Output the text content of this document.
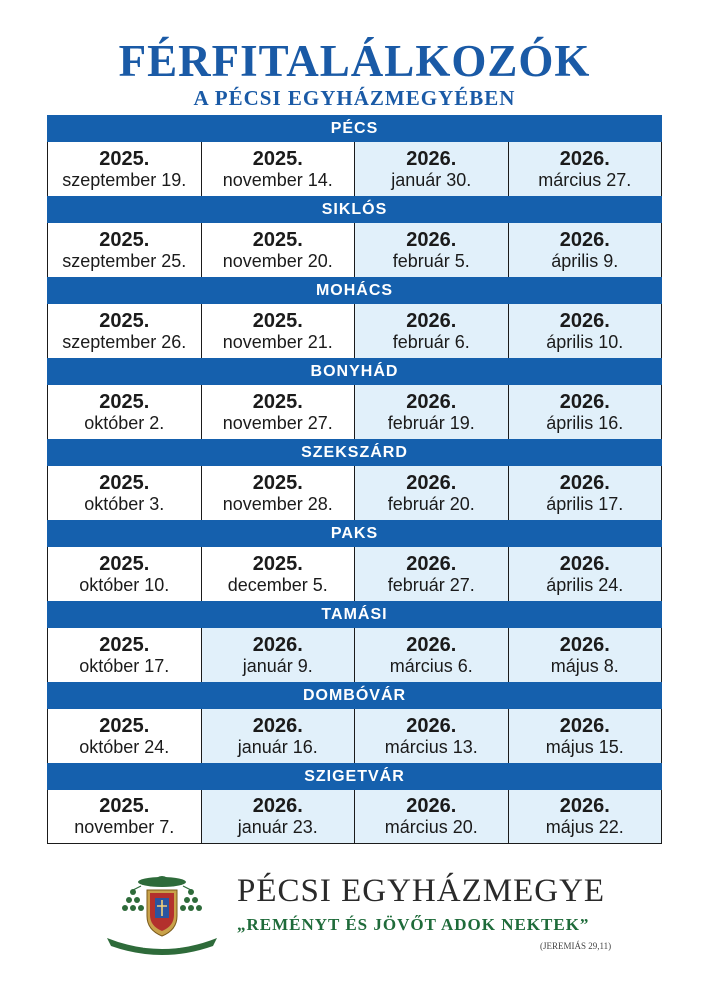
FÉRFITALÁLKOZÓK
A PÉCSI EGYHÁZMEGYÉBEN
PÉCS
2025.
szeptember 19.
2025.
november 14.
2026.
január 30.
2026.
március 27.
SIKLÓS
2025.
szeptember 25.
2025.
november 20.
2026.
február 5.
2026.
április 9.
MOHÁCS
2025.
szeptember 26.
2025.
november 21.
2026.
február 6.
2026.
április 10.
BONYHÁD
2025.
október 2.
2025.
november 27.
2026.
február 19.
2026.
április 16.
SZEKSZÁRD
2025.
október 3.
2025.
november 28.
2026.
február 20.
2026.
április 17.
PAKS
2025.
október 10.
2025.
december 5.
2026.
február 27.
2026.
április 24.
TAMÁSI
2025.
október 17.
2026.
január 9.
2026.
március 6.
2026.
május 8.
DOMBÓVÁR
2025.
október 24.
2026.
január 16.
2026.
március 13.
2026.
május 15.
SZIGETVÁR
2025.
november 7.
2026.
január 23.
2026.
március 20.
2026.
május 22.
ANNO DOMINI 1009
PÉCSI EGYHÁZMEGYE
„REMÉNYT ÉS JÖVŐT ADOK NEKTEK”
(JEREMIÁS 29,11)
